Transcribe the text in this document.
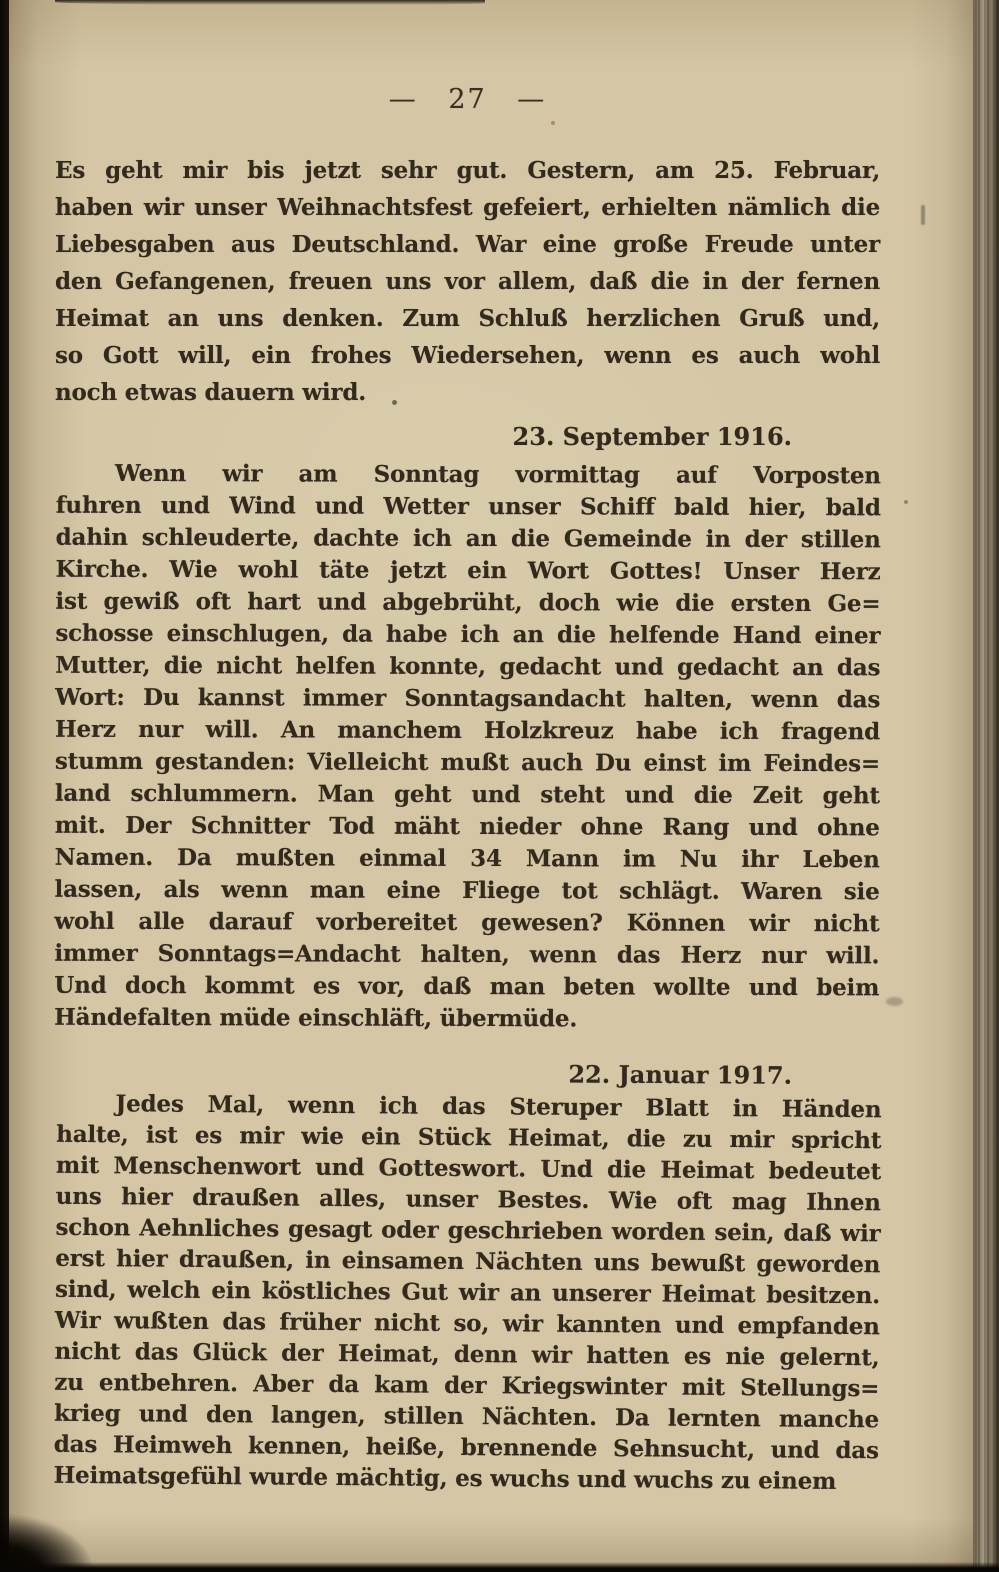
— 27 —
Es geht mir bis jetzt sehr gut. Gestern, am 25. Februar,
haben wir unser Weihnachtsfest gefeiert, erhielten nämlich die
Liebesgaben aus Deutschland. War eine große Freude unter
den Gefangenen, freuen uns vor allem, daß die in der fernen
Heimat an uns denken. Zum Schluß herzlichen Gruß und,
so Gott will, ein frohes Wiedersehen, wenn es auch wohl
noch etwas dauern wird.
23. September 1916.
Wenn wir am Sonntag vormittag auf Vorposten
fuhren und Wind und Wetter unser Schiff bald hier, bald
dahin schleuderte, dachte ich an die Gemeinde in der stillen
Kirche. Wie wohl täte jetzt ein Wort Gottes! Unser Herz
ist gewiß oft hart und abgebrüht, doch wie die ersten Ge=
schosse einschlugen, da habe ich an die helfende Hand einer
Mutter, die nicht helfen konnte, gedacht und gedacht an das
Wort: Du kannst immer Sonntagsandacht halten, wenn das
Herz nur will. An manchem Holzkreuz habe ich fragend
stumm gestanden: Vielleicht mußt auch Du einst im Feindes=
land schlummern. Man geht und steht und die Zeit geht
mit. Der Schnitter Tod mäht nieder ohne Rang und ohne
Namen. Da mußten einmal 34 Mann im Nu ihr Leben
lassen, als wenn man eine Fliege tot schlägt. Waren sie
wohl alle darauf vorbereitet gewesen? Können wir nicht
immer Sonntags=Andacht halten, wenn das Herz nur will.
Und doch kommt es vor, daß man beten wollte und beim
Händefalten müde einschläft, übermüde.
22. Januar 1917.
Jedes Mal, wenn ich das Steruper Blatt in Händen
halte, ist es mir wie ein Stück Heimat, die zu mir spricht
mit Menschenwort und Gotteswort. Und die Heimat bedeutet
uns hier draußen alles, unser Bestes. Wie oft mag Ihnen
schon Aehnliches gesagt oder geschrieben worden sein, daß wir
erst hier draußen, in einsamen Nächten uns bewußt geworden
sind, welch ein köstliches Gut wir an unserer Heimat besitzen.
Wir wußten das früher nicht so, wir kannten und empfanden
nicht das Glück der Heimat, denn wir hatten es nie gelernt,
zu entbehren. Aber da kam der Kriegswinter mit Stellungs=
krieg und den langen, stillen Nächten. Da lernten manche
das Heimweh kennen, heiße, brennende Sehnsucht, und das
Heimatsgefühl wurde mächtig, es wuchs und wuchs zu einem
